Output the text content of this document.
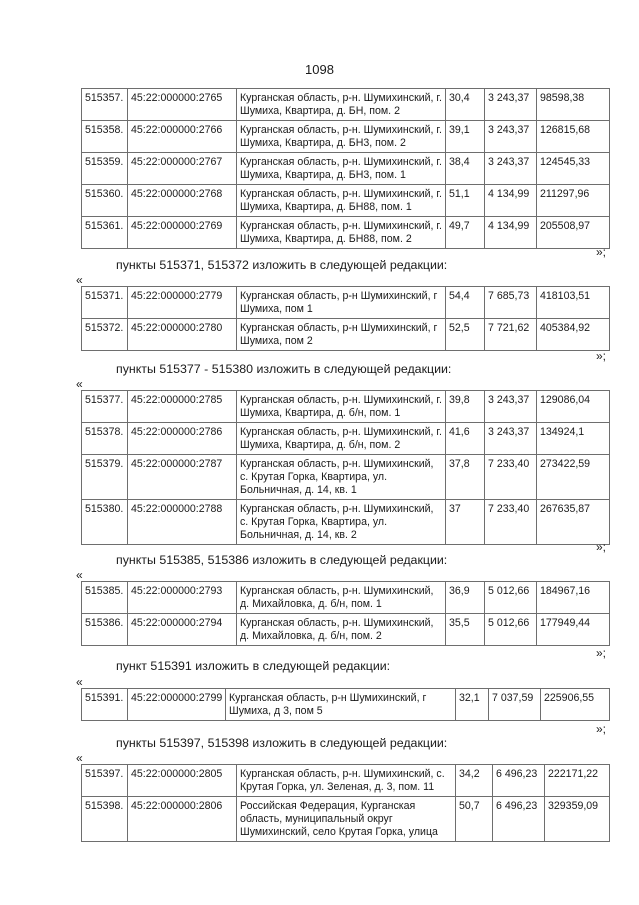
1098
515357.	45:22:000000:2765	Курганская область, р-н. Шумихинский, г. Шумиха, Квартира, д. БН, пом. 2	30,4	3 243,37	98598,38
515358.	45:22:000000:2766	Курганская область, р-н. Шумихинский, г. Шумиха, Квартира, д. БН3, пом. 2	39,1	3 243,37	126815,68
515359.	45:22:000000:2767	Курганская область, р-н. Шумихинский, г. Шумиха, Квартира, д. БН3, пом. 1	38,4	3 243,37	124545,33
515360.	45:22:000000:2768	Курганская область, р-н. Шумихинский, г. Шумиха, Квартира, д. БН88, пом. 1	51,1	4 134,99	211297,96
515361.	45:22:000000:2769	Курганская область, р-н. Шумихинский, г. Шумиха, Квартира, д. БН88, пом. 2	49,7	4 134,99	205508,97
»;
пункты 515371, 515372 изложить в следующей редакции:
«
515371.	45:22:000000:2779	Курганская область, р-н Шумихинский, г Шумиха, пом 1	54,4	7 685,73	418103,51
515372.	45:22:000000:2780	Курганская область, р-н Шумихинский, г Шумиха, пом 2	52,5	7 721,62	405384,92
»;
пункты 515377 - 515380 изложить в следующей редакции:
«
515377.	45:22:000000:2785	Курганская область, р-н. Шумихинский, г. Шумиха, Квартира, д. б/н, пом. 1	39,8	3 243,37	129086,04
515378.	45:22:000000:2786	Курганская область, р-н. Шумихинский, г. Шумиха, Квартира, д. б/н, пом. 2	41,6	3 243,37	134924,1
515379.	45:22:000000:2787	Курганская область, р-н. Шумихинский, с. Крутая Горка, Квартира, ул. Больничная, д. 14, кв. 1	37,8	7 233,40	273422,59
515380.	45:22:000000:2788	Курганская область, р-н. Шумихинский, с. Крутая Горка, Квартира, ул. Больничная, д. 14, кв. 2	37	7 233,40	267635,87
»;
пункты 515385, 515386 изложить в следующей редакции:
«
515385.	45:22:000000:2793	Курганская область, р-н. Шумихинский, д. Михайловка, д. б/н, пом. 1	36,9	5 012,66	184967,16
515386.	45:22:000000:2794	Курганская область, р-н. Шумихинский, д. Михайловка, д. б/н, пом. 2	35,5	5 012,66	177949,44
»;
пункт 515391 изложить в следующей редакции:
«
515391.	45:22:000000:2799	Курганская область, р-н Шумихинский, г Шумиха, д 3, пом 5	32,1	7 037,59	225906,55
»;
пункты 515397, 515398 изложить в следующей редакции:
«
515397.	45:22:000000:2805	Курганская область, р-н. Шумихинский, с. Крутая Горка, ул. Зеленая, д. 3, пом. 11	34,2	6 496,23	222171,22
515398.	45:22:000000:2806	Российская Федерация, Курганская область, муниципальный округ Шумихинский, село Крутая Горка, улица	50,7	6 496,23	329359,09
